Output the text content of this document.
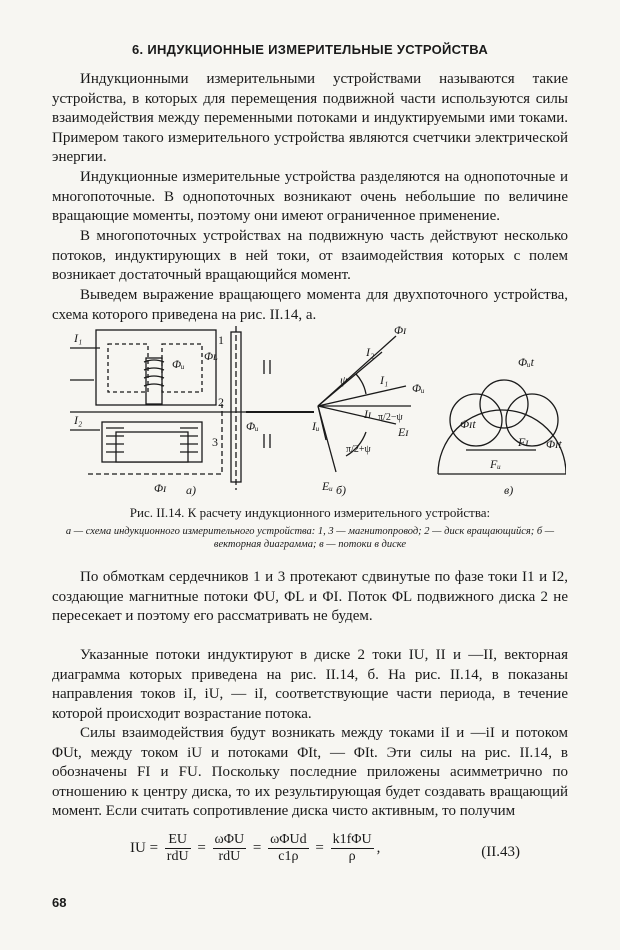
6. ИНДУКЦИОННЫЕ ИЗМЕРИТЕЛЬНЫЕ УСТРОЙСТВА

Индукционными измерительными устройствами называются такие устройства, в которых для перемещения подвижной части используются силы взаимодействия между переменными потоками и индуктируемыми ими токами. Примером такого измерительного устройства являются счетчики электрической энергии.

Индукционные измерительные устройства разделяются на однопоточные и многопоточные. В однопоточных возникают очень небольшие по величине вращающие моменты, поэтому они имеют ограниченное применение.

В многопоточных устройствах на подвижную часть действуют несколько потоков, индуктирующих в ней токи, от взаимодействия которых с полем возникает достаточный вращающийся момент.

Выведем выражение вращающего момента для двухпоточного устройства, схема которого приведена на рис. II.14, а.

I₁
I₂
Φᵤ
Φʟ
Φɪ
1
2
3
Φᵤ
а)
Φɪ
I₂
ψ	I₁
Φᵤ
Iɪ
Iᵤ
π/2−ψ
π/2+ψ
Eᵤ
Eɪ
б)
Φᵤt
Φɪt
Fɪ
Fᵤ
Φɪt
в)
Рис. II.14. К расчету индукционного измерительного устройства:
а — схема индукционного измерительного устройства: 1, 3 — магнитопровод; 2 — диск вращающийся; б — векторная диаграмма; в — потоки в диске

По обмоткам сердечников 1 и 3 протекают сдвинутые по фазе токи I1 и I2, создающие магнитные потоки ΦU, ΦL и ΦI. Поток ΦL подвижного диска 2 не пересекает и поэтому его рассматривать не будем.

Указанные потоки индуктируют в диске 2 токи IU, II и —II, векторная диаграмма которых приведена на рис. II.14, б. На рис. II.14, в показаны направления токов iI, iU, — iI, соответствующие части периода, в течение которой происходит возрастание потока.

Силы взаимодействия будут возникать между токами iI и —iI и потоком ΦUt, между током iU и потоками ΦIt, — ΦIt. Эти силы на рис. II.14, в обозначены FI и FU. Поскольку последние приложены асимметрично по отношению к центру диска, то их результирующая будет создавать вращающий момент. Если считать сопротивление диска чисто активным, то получим

IU = $\frac{EU}{\text{rdU}} = \frac{\text{ωΦU}}{\text{rdU}} = \frac{\text{ωΦUd}}{c1\rho} = \frac{\text{k1fΦU}}{\rho}$ ,	(II.43)
68
